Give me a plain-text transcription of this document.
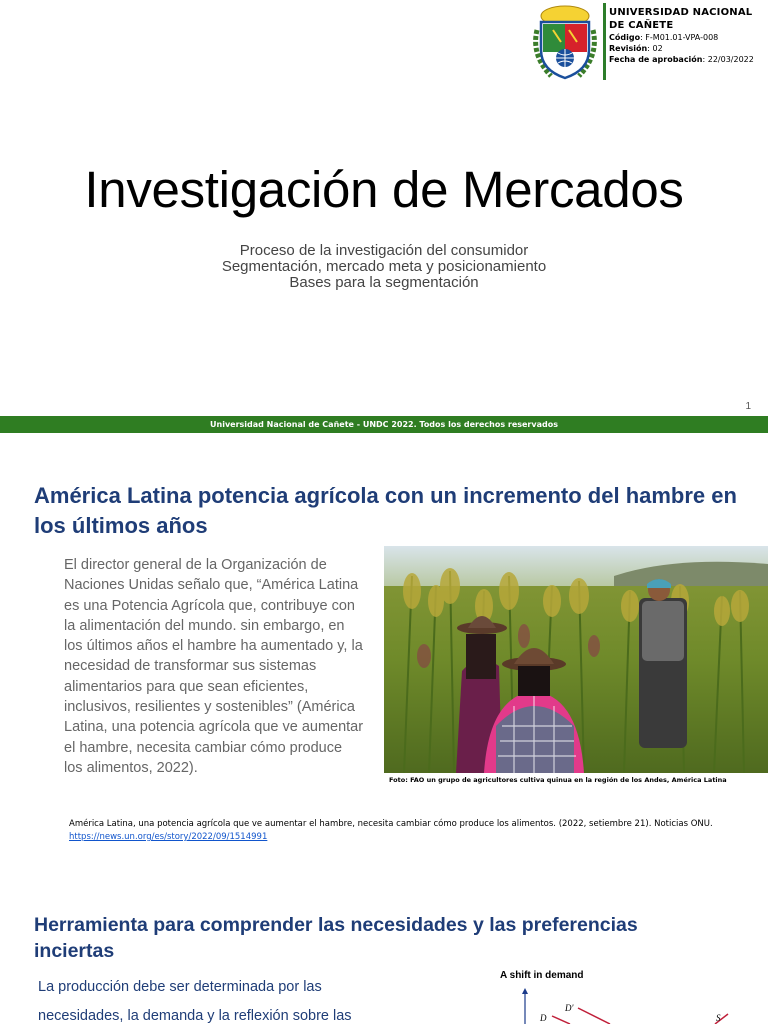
UNIVERSIDAD NACIONAL DE CAÑETE
Código: F-M01.01-VPA-008
Revisión: 02
Fecha de aprobación: 22/03/2022
Investigación de Mercados
Proceso de la investigación del consumidor
Segmentación, mercado meta y posicionamiento
Bases para la segmentación
1
Universidad Nacional de Cañete - UNDC 2022. Todos los derechos reservados
América Latina potencia agrícola con un incremento del hambre en los últimos años

El director general de la Organización de Naciones Unidas señalo que, “América Latina es una Potencia Agrícola que, contribuye con la alimentación del mundo. sin embargo, en los últimos años el hambre ha aumentado y, la necesidad de transformar sus sistemas alimentarios para que sean eficientes, inclusivos, resilientes y sostenibles” (América Latina, una potencia agrícola que ve aumentar el hambre, necesita cambiar cómo produce los alimentos, 2022).

Foto: FAO un grupo de agricultores cultiva quinua en la región de los Andes, América Latina
América Latina, una potencia agrícola que ve aumentar el hambre, necesita cambiar cómo produce los alimentos. (2022, setiembre 21). Noticias ONU.
https://news.un.org/es/story/2022/09/1514991
Herramienta para comprender las necesidades y las preferencias inciertas

La producción debe ser determinada por las necesidades, la demanda y la reflexión sobre las

A shift in demand
D
D'
S
